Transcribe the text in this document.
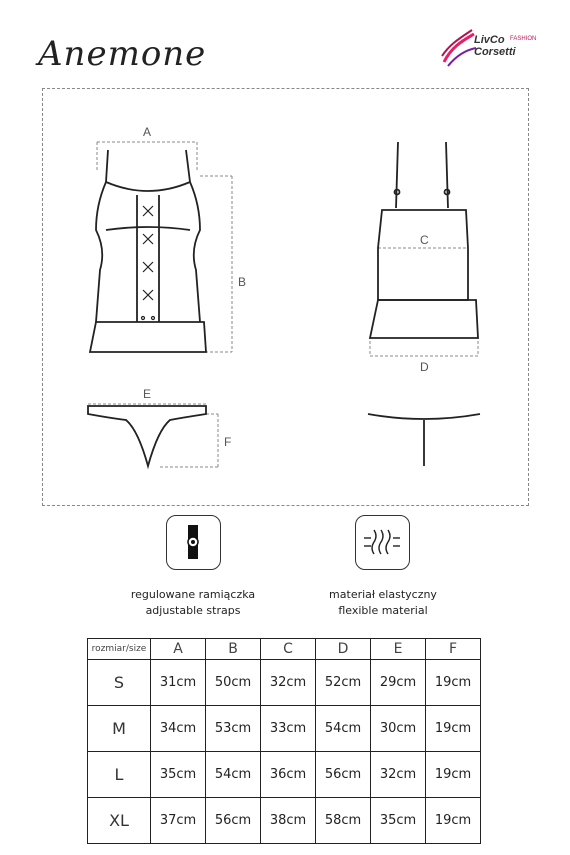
Anemone	LivCo FASHION
Corsetti
A
B
C
D
E
F
regulowane ramiączka
adjustable straps
materiał elastyczny
flexible material
rozmiar/size	A	B	C	D	E	F
S	31cm	50cm	32cm	52cm	29cm	19cm
M	34cm	53cm	33cm	54cm	30cm	19cm
L	35cm	54cm	36cm	56cm	32cm	19cm
XL	37cm	56cm	38cm	58cm	35cm	19cm
